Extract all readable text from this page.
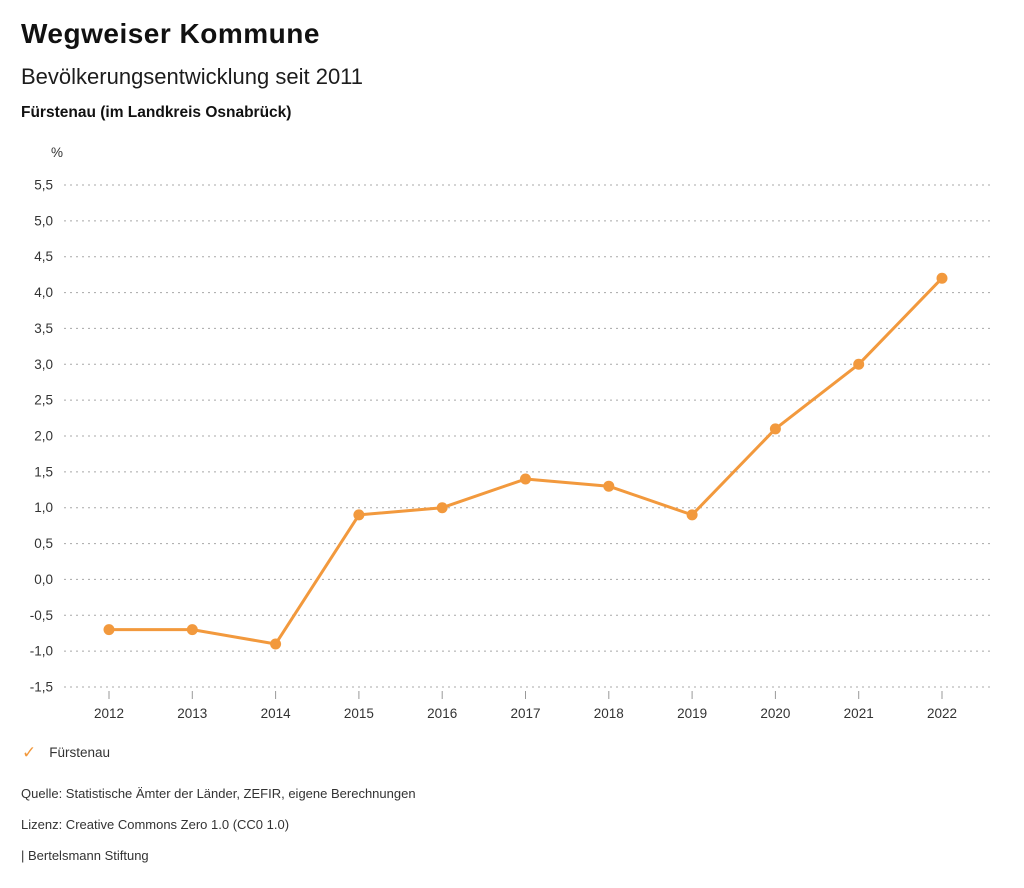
Wegweiser Kommune
Bevölkerungsentwicklung seit 2011
Fürstenau (im Landkreis Osnabrück)
%
5,5
5,0
4,5
4,0
3,5
3,0
2,5
2,0
1,5
1,0
0,5
0,0
-0,5
-1,0
-1,5
2012	2013	2014	2015	2016	2017	2018	2019	2020	2021	2022
✓ Fürstenau
Quelle: Statistische Ämter der Länder, ZEFIR, eigene Berechnungen
Lizenz: Creative Commons Zero 1.0 (CC0 1.0)
| Bertelsmann Stiftung
